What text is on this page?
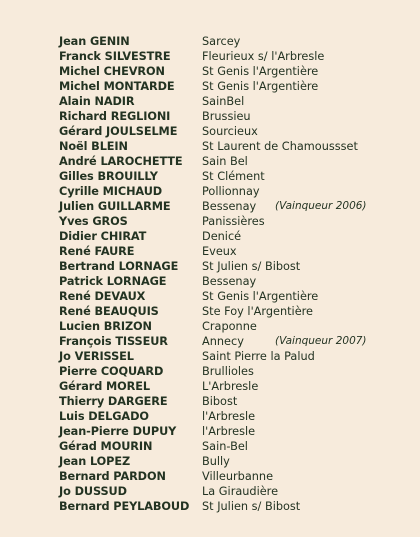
Jean GENIN	Sarcey
Franck SILVESTRE	Fleurieux s/ l'Arbresle
Michel CHEVRON	St Genis l'Argentière
Michel MONTARDE St Genis l'Argentière
Alain NADIR	SainBel
Richard REGLIONI	Brussieu
Gérard JOULSELME Sourcieux
Noël BLEIN	St Laurent de Chamoussset
André LAROCHETTE Sain Bel
Gilles BROUILLY	St Clément
Cyrille MICHAUD	Pollionnay
Julien GUILLARME	Bessenay (Vainqueur 2006)
Yves GROS	Panissières
Didier CHIRAT	Denicé
René FAURE	Eveux
Bertrand LORNAGE St Julien s/ Bibost
Patrick LORNAGE	Bessenay
René DEVAUX	St Genis l'Argentière
René BEAUQUIS	Ste Foy l'Argentière
Lucien BRIZON	Craponne
François TISSEUR	Annecy	(Vainqueur 2007)
Jo VERISSEL	Saint Pierre la Palud
Pierre COQUARD	Brullioles
Gérard MOREL	L'Arbresle
Thierry DARGERE	Bibost
Luis DELGADO	l'Arbresle
Jean-Pierre DUPUY l'Arbresle
Gérad MOURIN	Sain-Bel
Jean LOPEZ	Bully
Bernard PARDON	Villeurbanne
Jo DUSSUD	La Giraudière
Bernard PEYLABOUD St Julien s/ Bibost
